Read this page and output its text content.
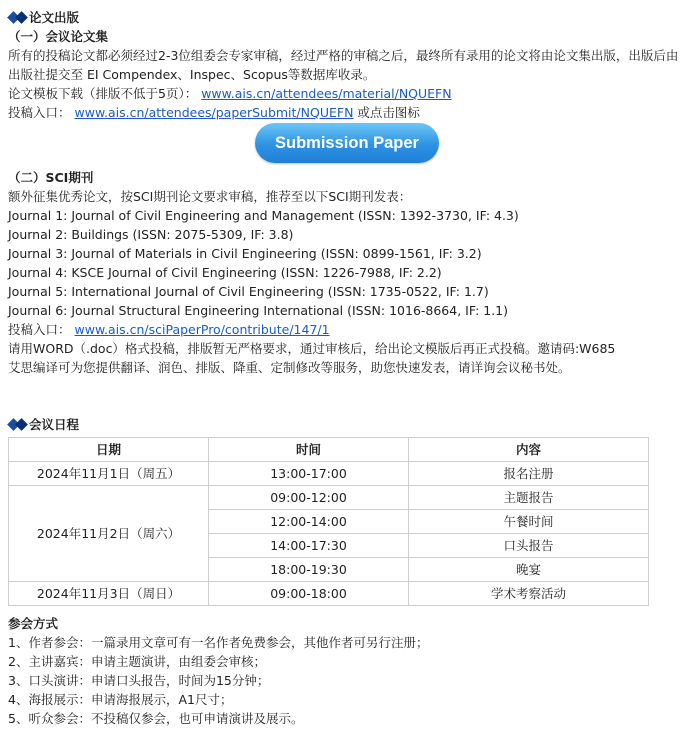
论文出版
（一）会议论文集

所有的投稿论文都必须经过2-3位组委会专家审稿，经过严格的审稿之后，最终所有录用的论文将由论文集出版，出版后由出版社提交至 EI Compendex、Inspec、Scopus等数据库收录。

论文模板下载（排版不低于5页）： www.ais.cn/attendees/material/NQUEFN

投稿入口： www.ais.cn/attendees/paperSubmit/NQUEFN 或点击图标

Submission Paper
（二）SCI期刊

额外征集优秀论文，按SCI期刊论文要求审稿，推荐至以下SCI期刊发表：

Journal 1: Journal of Civil Engineering and Management (ISSN: 1392-3730, IF: 4.3)

Journal 2: Buildings (ISSN: 2075-5309, IF: 3.8)

Journal 3: Journal of Materials in Civil Engineering (ISSN: 0899-1561, IF: 3.2)

Journal 4: KSCE Journal of Civil Engineering (ISSN: 1226-7988, IF: 2.2)

Journal 5: International Journal of Civil Engineering (ISSN: 1735-0522, IF: 1.7)

Journal 6: Journal Structural Engineering International (ISSN: 1016-8664, IF: 1.1)

投稿入口： www.ais.cn/sciPaperPro/contribute/147/1

请用WORD（.doc）格式投稿，排版暂无严格要求，通过审核后，给出论文模版后再正式投稿。邀请码:W685

艾思编译可为您提供翻译、润色、排版、降重、定制修改等服务，助您快速发表，请详询会议秘书处。

会议日程
日期	时间	内容
2024年11月1日（周五）	13:00-17:00	报名注册
2024年11月2日（周六）	09:00-12:00	主题报告
	12:00-14:00	午餐时间
	14:00-17:30	口头报告
	18:00-19:30	晚宴
2024年11月3日（周日）	09:00-18:00	学术考察活动
参会方式

1、作者参会：一篇录用文章可有一名作者免费参会，其他作者可另行注册；

2、主讲嘉宾：申请主题演讲，由组委会审核；

3、口头演讲：申请口头报告，时间为15分钟；

4、海报展示：申请海报展示，A1尺寸；

5、听众参会：不投稿仅参会，也可申请演讲及展示。
